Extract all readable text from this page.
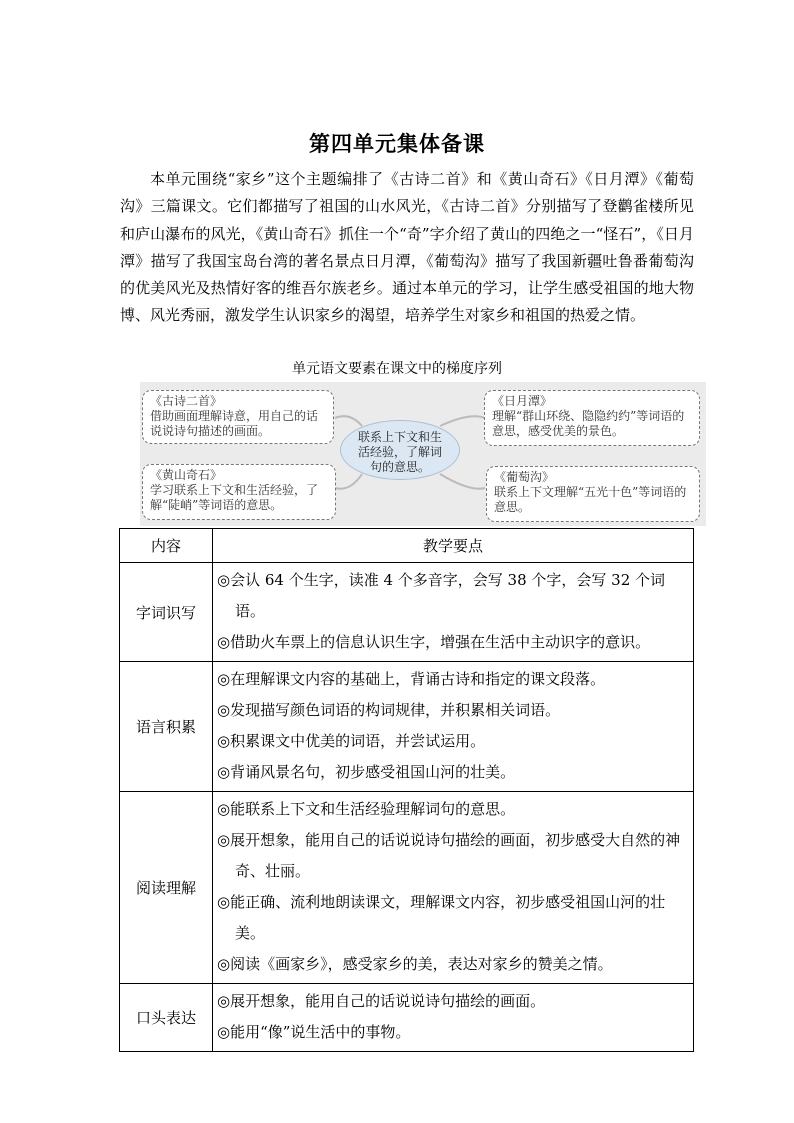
第四单元集体备课
本单元围绕“家乡”这个主题编排了《古诗二首》和《黄山奇石》《日月潭》《葡萄沟》三篇课文。它们都描写了祖国的山水风光，《古诗二首》分别描写了登鹳雀楼所见和庐山瀑布的风光，《黄山奇石》抓住一个“奇”字介绍了黄山的四绝之一“怪石”，《日月潭》描写了我国宝岛台湾的著名景点日月潭，《葡萄沟》描写了我国新疆吐鲁番葡萄沟的优美风光及热情好客的维吾尔族老乡。通过本单元的学习，让学生感受祖国的地大物博、风光秀丽，激发学生认识家乡的渴望，培养学生对家乡和祖国的热爱之情。
单元语文要素在课文中的梯度序列
《古诗二首》
借助画面理解诗意，用自己的话说说诗句描述的画面。
《黄山奇石》
学习联系上下文和生活经验，了解“陡峭”等词语的意思。
联系上下文和生活经验，了解词句的意思。
《日月潭》
理解“群山环绕、隐隐约约”等词语的意思，感受优美的景色。
《葡萄沟》
联系上下文理解“五光十色”等词语的意思。
内容	教学要点
字词识写	◎会认 64 个生字，读准 4 个多音字，会写 38 个字，会写 32 个词语。
◎借助火车票上的信息认识生字，增强在生活中主动识字的意识。

语言积累	◎在理解课文内容的基础上，背诵古诗和指定的课文段落。
◎发现描写颜色词语的构词规律，并积累相关词语。
◎积累课文中优美的词语，并尝试运用。
◎背诵风景名句，初步感受祖国山河的壮美。

阅读理解	◎能联系上下文和生活经验理解词句的意思。
◎展开想象，能用自己的话说说诗句描绘的画面，初步感受大自然的神奇、壮丽。
◎能正确、流利地朗读课文，理解课文内容，初步感受祖国山河的壮美。
◎阅读《画家乡》，感受家乡的美，表达对家乡的赞美之情。

口头表达	◎展开想象，能用自己的话说说诗句描绘的画面。
◎能用“像”说生活中的事物。
